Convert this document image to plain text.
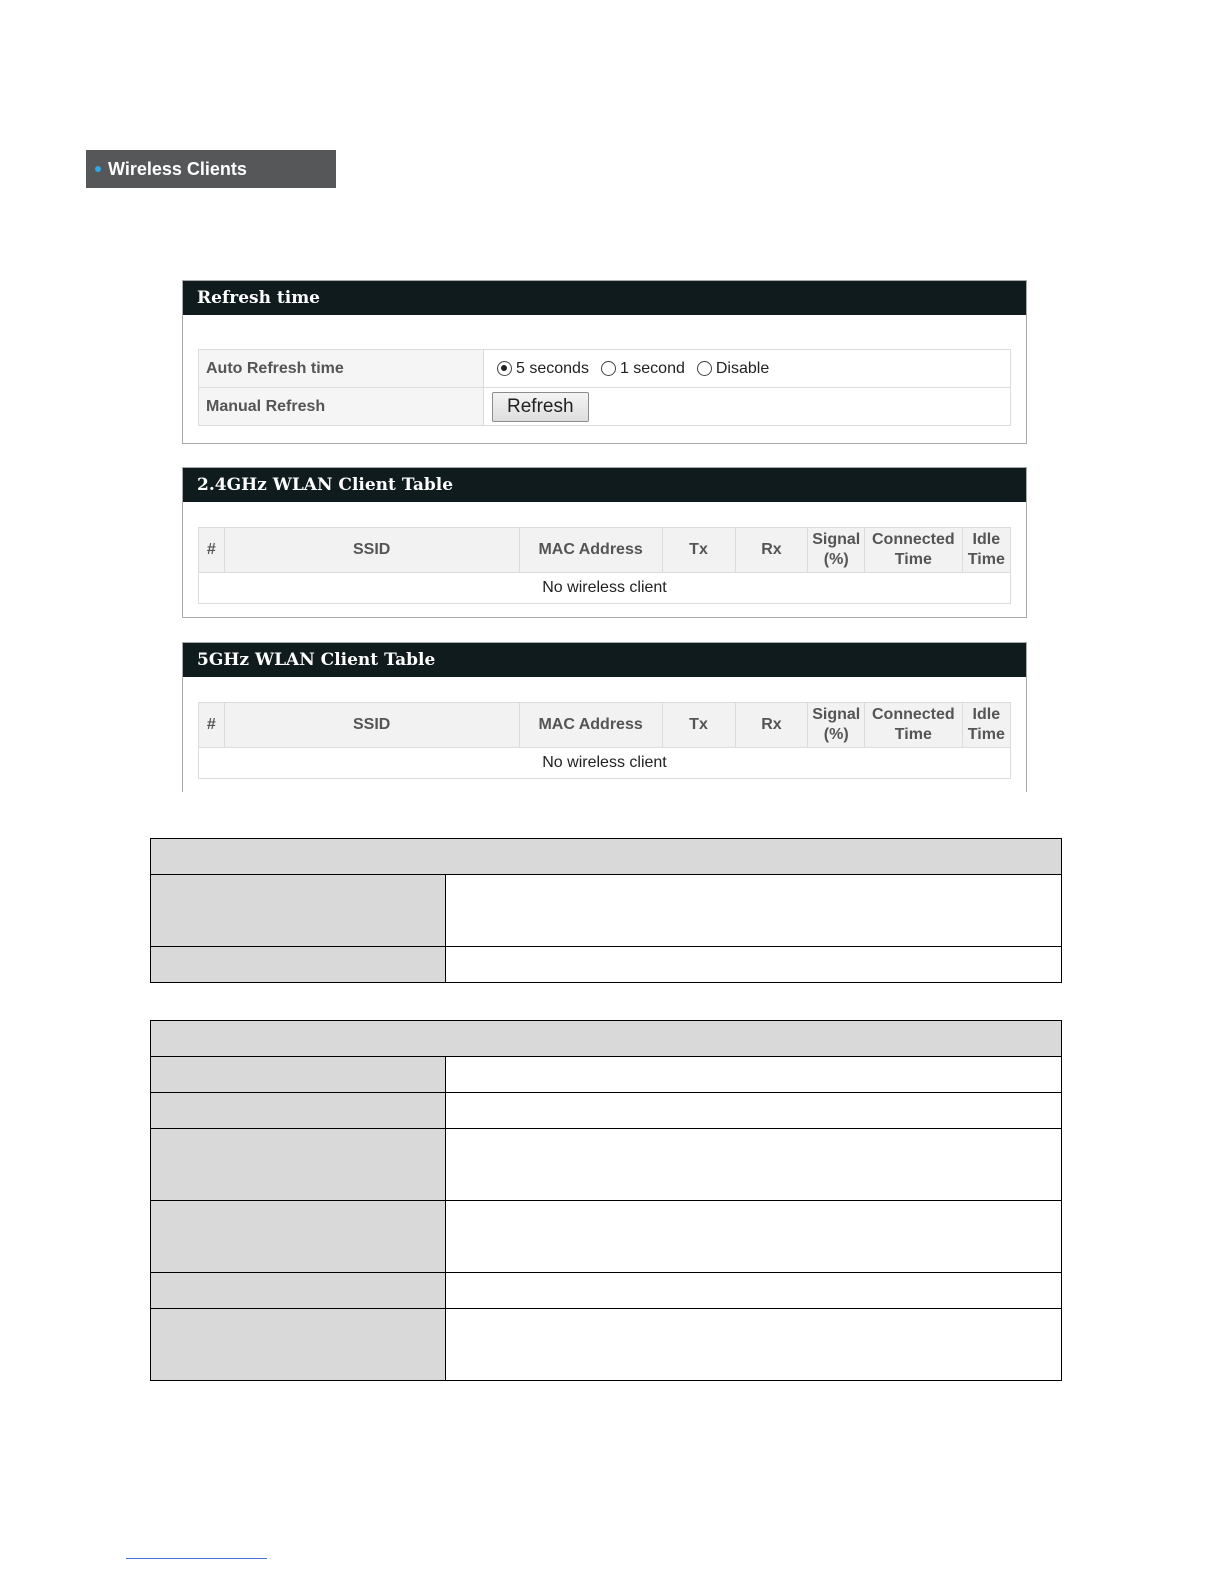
Wireless Clients
Refresh time
Auto Refresh time	5 seconds 1 second Disable

Manual Refresh	Refresh
2.4GHz WLAN Client Table
#	SSID	MAC Address	Tx	Rx	Signal (%)	Connected Time	Idle Time
No wireless client
5GHz WLAN Client Table
#	SSID	MAC Address	Tx	Rx	Signal (%)	Connected Time	Idle Time
No wireless client
